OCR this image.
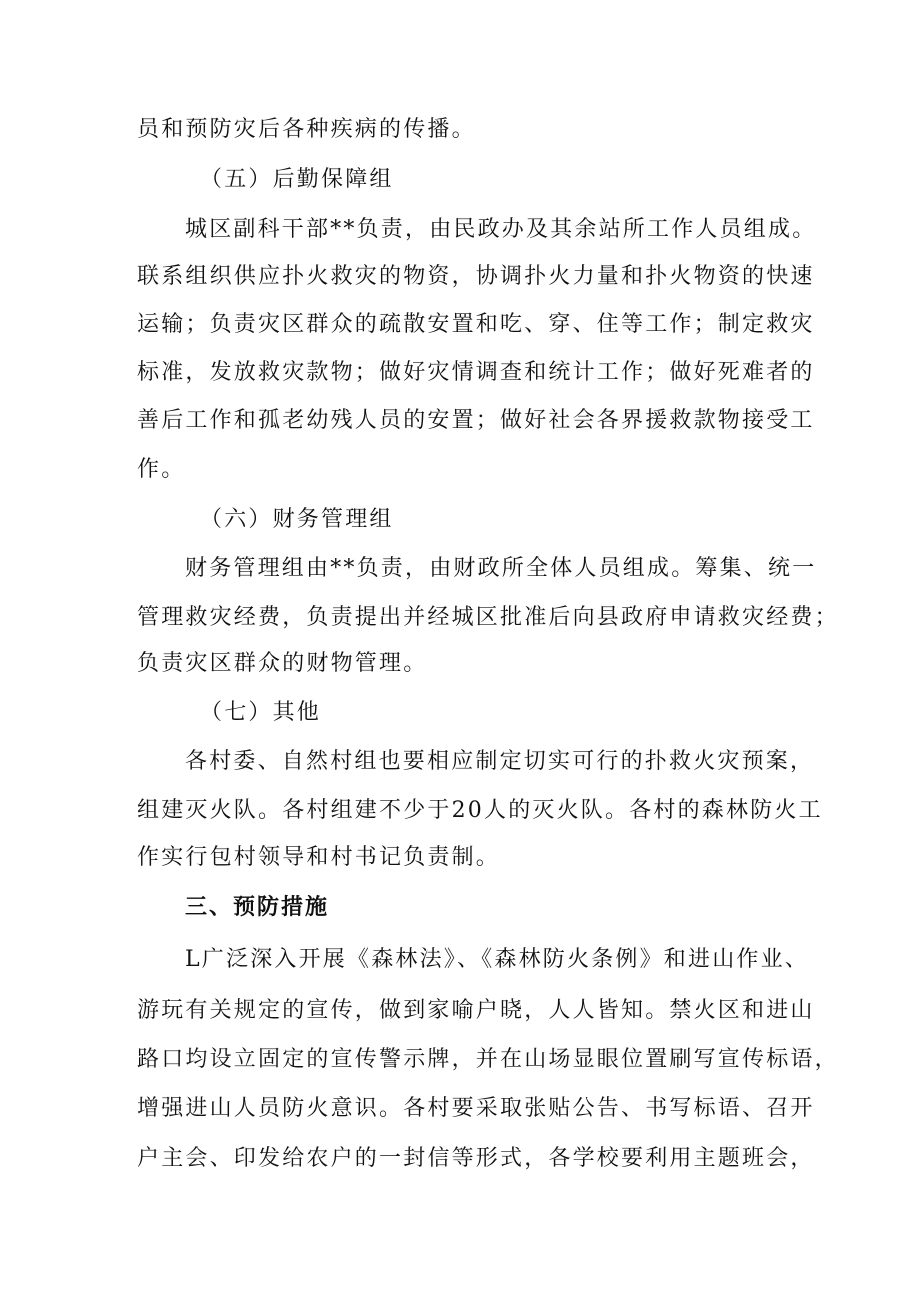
员和预防灾后各种疾病的传播。
（五）后勤保障组
城区副科干部**负责，由民政办及其余站所工作人员组成。
联系组织供应扑火救灾的物资，协调扑火力量和扑火物资的快速
运输；负责灾区群众的疏散安置和吃、穿、住等工作；制定救灾
标准，发放救灾款物；做好灾情调查和统计工作；做好死难者的
善后工作和孤老幼残人员的安置；做好社会各界援救款物接受工
作。
（六）财务管理组
财务管理组由**负责，由财政所全体人员组成。筹集、统一
管理救灾经费，负责提出并经城区批准后向县政府申请救灾经费；
负责灾区群众的财物管理。
（七）其他
各村委、自然村组也要相应制定切实可行的扑救火灾预案，
组建灭火队。各村组建不少于20人的灭火队。各村的森林防火工
作实行包村领导和村书记负责制。
三、预防措施
L广泛深入开展《森林法》、《森林防火条例》和进山作业、
游玩有关规定的宣传，做到家喻户晓，人人皆知。禁火区和进山
路口均设立固定的宣传警示牌，并在山场显眼位置刷写宣传标语，
增强进山人员防火意识。各村要采取张贴公告、书写标语、召开
户主会、印发给农户的一封信等形式，各学校要利用主题班会，
